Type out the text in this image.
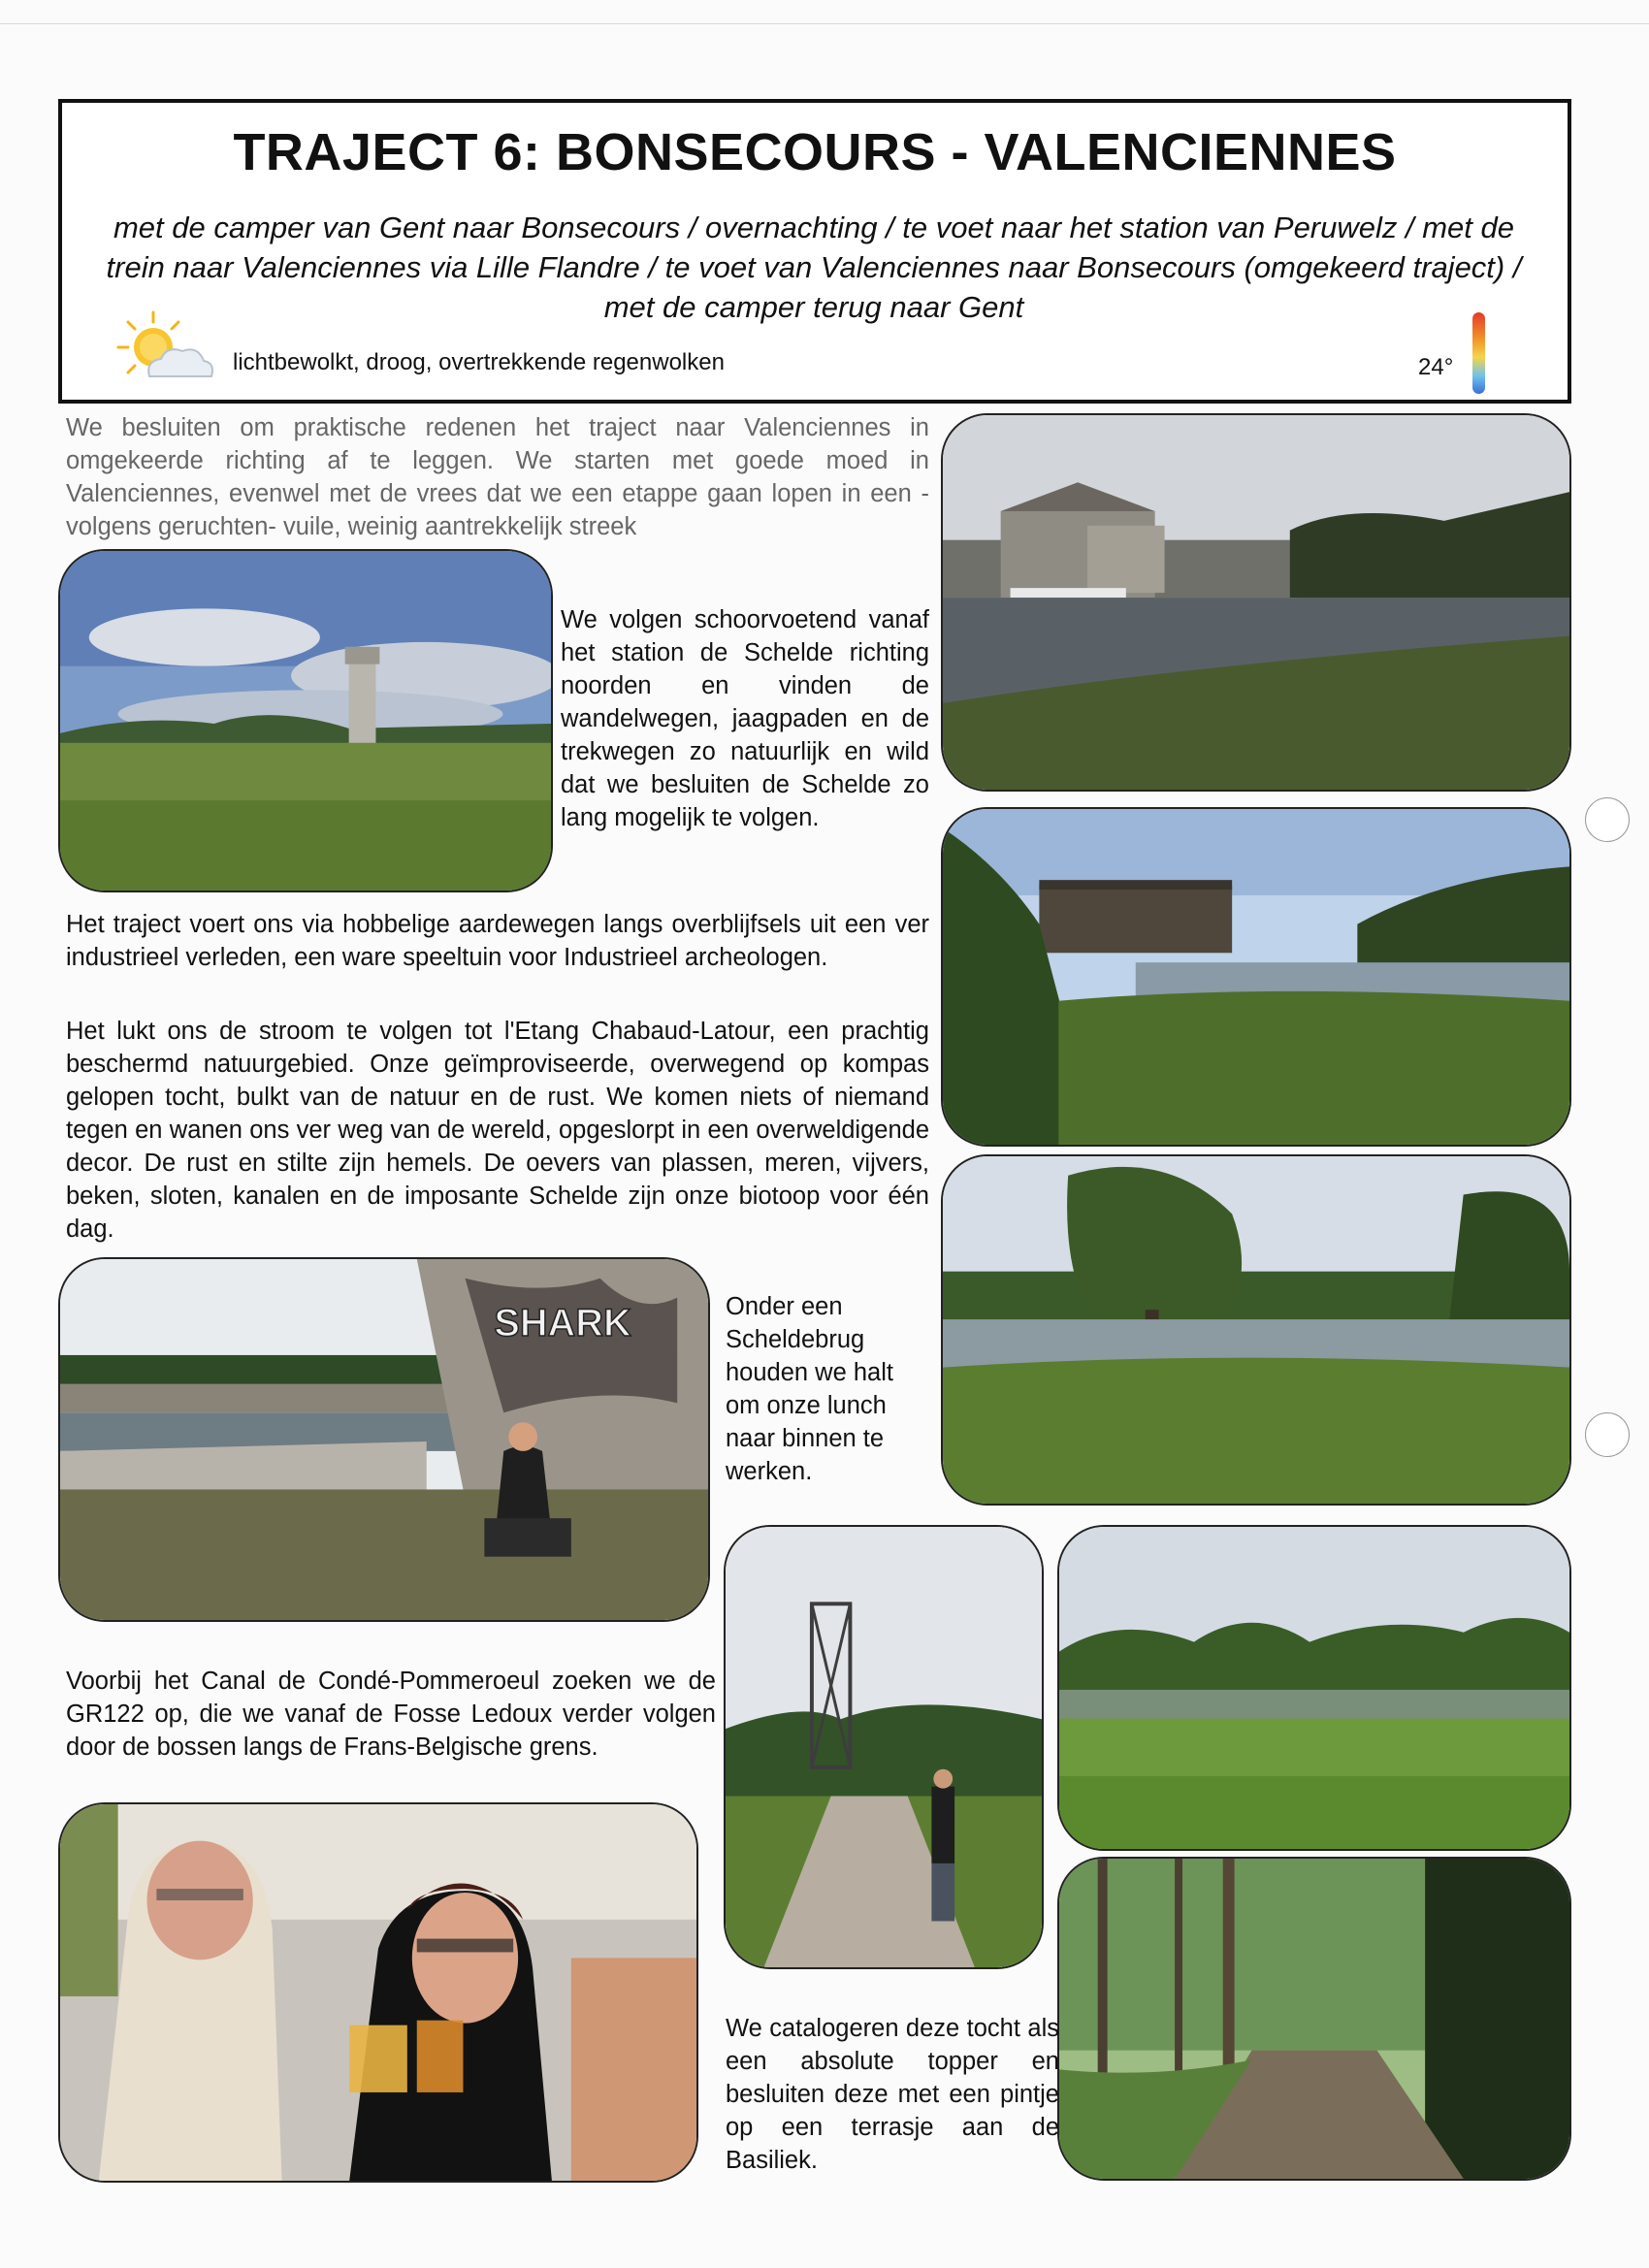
TRAJECT 6: BONSECOURS - VALENCIENNES
met de camper van Gent naar Bonsecours / overnachting / te voet naar het station van Peruwelz / met de trein naar Valenciennes via Lille Flandre / te voet van Valenciennes naar Bonsecours (omgekeerd traject) / met de camper terug naar Gent
lichtbewolkt, droog, overtrekkende regenwolken	24°
We besluiten om praktische redenen het traject naar Valenciennes in omgekeerde richting af te leggen. We starten met goede moed in Valenciennes, evenwel met de vrees dat we een etappe gaan lopen in een -volgens geruchten- vuile, weinig aantrekkelijk streek
We volgen schoorvoetend vanaf het station de Schelde richting noorden en vinden de wandelwegen, jaagpaden en de trekwegen zo natuurlijk en wild dat we besluiten de Schelde zo lang mogelijk te volgen.
Het traject voert ons via hobbelige aardewegen langs overblijfsels uit een ver industrieel verleden, een ware speeltuin voor Industrieel archeologen.
Het lukt ons de stroom te volgen tot l'Etang Chabaud-Latour, een prachtig beschermd natuurgebied. Onze geïmproviseerde, overwegend op kompas gelopen tocht, bulkt van de natuur en de rust. We komen niets of niemand tegen en wanen ons ver weg van de wereld, opgeslorpt in een overweldigende decor. De rust en stilte zijn hemels. De oevers van plassen, meren, vijvers, beken, sloten, kanalen en de imposante Schelde zijn onze biotoop voor één dag.
SHARK	Onder een Scheldebrug houden we halt om onze lunch naar binnen te werken.
Voorbij het Canal de Condé-Pommeroeul zoeken we de GR122 op, die we vanaf de Fosse Ledoux verder volgen door de bossen langs de Frans-Belgische grens.
We catalogeren deze tocht als een absolute topper en besluiten deze met een pintje op een terrasje aan de Basiliek.
